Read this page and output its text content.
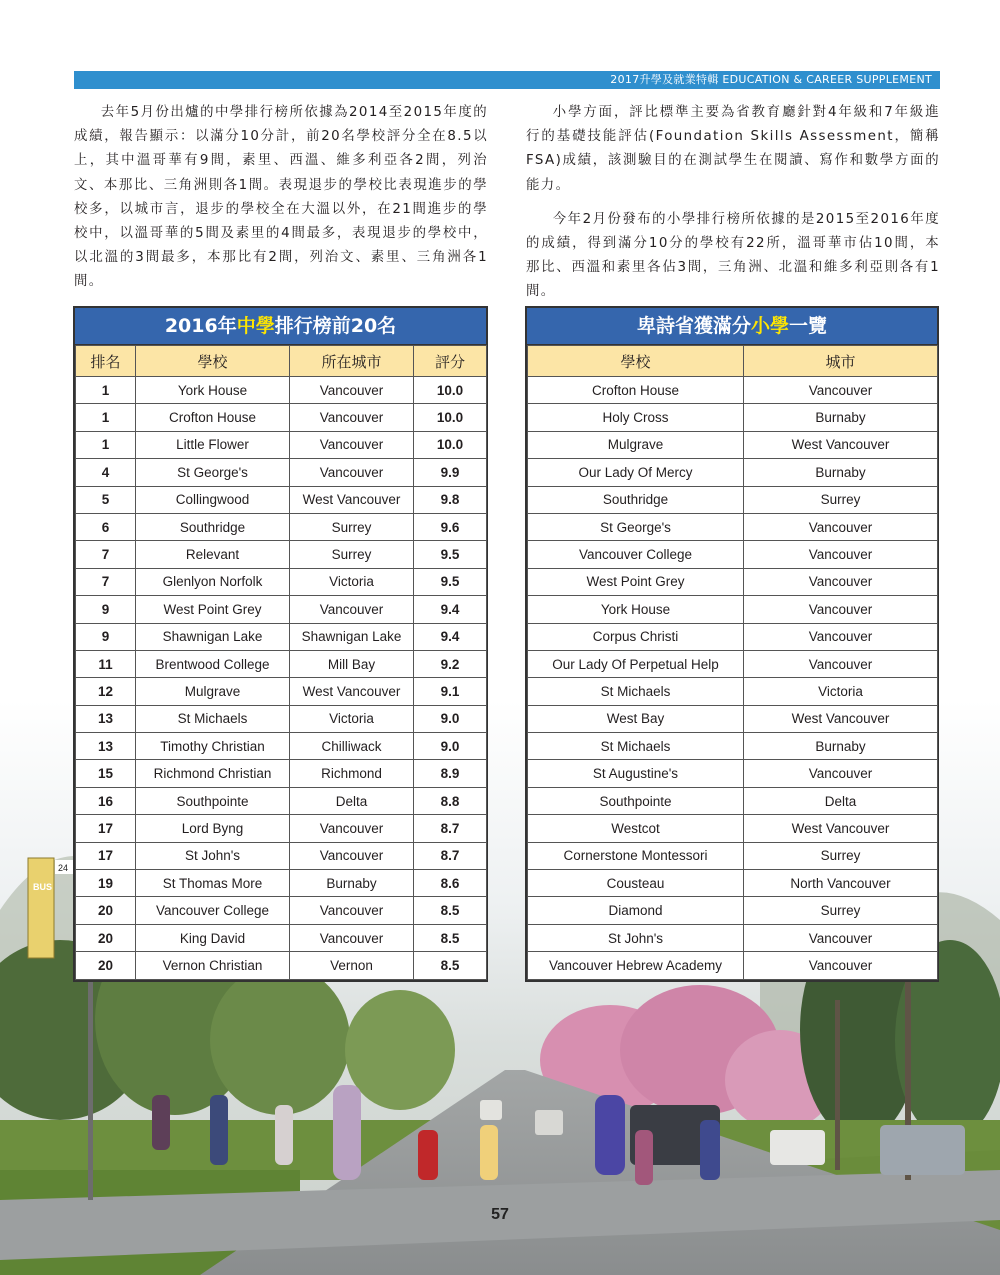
BUS
24
2017升學及就業特輯 EDUCATION & CAREER SUPPLEMENT

去年5月份出爐的中學排行榜所依據為2014至2015年度的成績，報告顯示：以滿分10分計，前20名學校評分全在8.5以上，其中溫哥華有9間，素里、西溫、維多利亞各2間，列治文、本那比、三角洲則各1間。表現退步的學校比表現進步的學校多，以城市言，退步的學校全在大溫以外，在21間進步的學校中，以溫哥華的5間及素里的4間最多，表現退步的學校中，以北溫的3間最多，本那比有2間，列治文、素里、三角洲各1間。

小學方面，評比標準主要為省教育廳針對4年級和7年級進行的基礎技能評估(Foundation Skills Assessment，簡稱FSA)成績，該測驗目的在測試學生在閱讀、寫作和數學方面的能力。

今年2月份發布的小學排行榜所依據的是2015至2016年度的成績，得到滿分10分的學校有22所，溫哥華市佔10間，本那比、西溫和素里各佔3間，三角洲、北溫和維多利亞則各有1間。

2016年中學排行榜前20名
排名	學校	所在城市	評分
1	York House	Vancouver	10.0
1	Crofton House	Vancouver	10.0
1	Little Flower	Vancouver	10.0
4	St George's	Vancouver	9.9
5	Collingwood	West Vancouver	9.8
6	Southridge	Surrey	9.6
7	Relevant	Surrey	9.5
7	Glenlyon Norfolk	Victoria	9.5
9	West Point Grey	Vancouver	9.4
9	Shawnigan Lake	Shawnigan Lake	9.4
11	Brentwood College	Mill Bay	9.2
12	Mulgrave	West Vancouver	9.1
13	St Michaels	Victoria	9.0
13	Timothy Christian	Chilliwack	9.0
15	Richmond Christian	Richmond	8.9
16	Southpointe	Delta	8.8
17	Lord Byng	Vancouver	8.7
17	St John's	Vancouver	8.7
19	St Thomas More	Burnaby	8.6
20	Vancouver College	Vancouver	8.5
20	King David	Vancouver	8.5
20	Vernon Christian	Vernon	8.5
卑詩省獲滿分小學一覽
學校	城市
Crofton House	Vancouver
Holy Cross	Burnaby
Mulgrave	West Vancouver
Our Lady Of Mercy	Burnaby
Southridge	Surrey
St George's	Vancouver
Vancouver College	Vancouver
West Point Grey	Vancouver
York House	Vancouver
Corpus Christi	Vancouver
Our Lady Of Perpetual Help	Vancouver
St Michaels	Victoria
West Bay	West Vancouver
St Michaels	Burnaby
St Augustine's	Vancouver
Southpointe	Delta
Westcot	West Vancouver
Cornerstone Montessori	Surrey
Cousteau	North Vancouver
Diamond	Surrey
St John's	Vancouver
Vancouver Hebrew Academy	Vancouver
57
